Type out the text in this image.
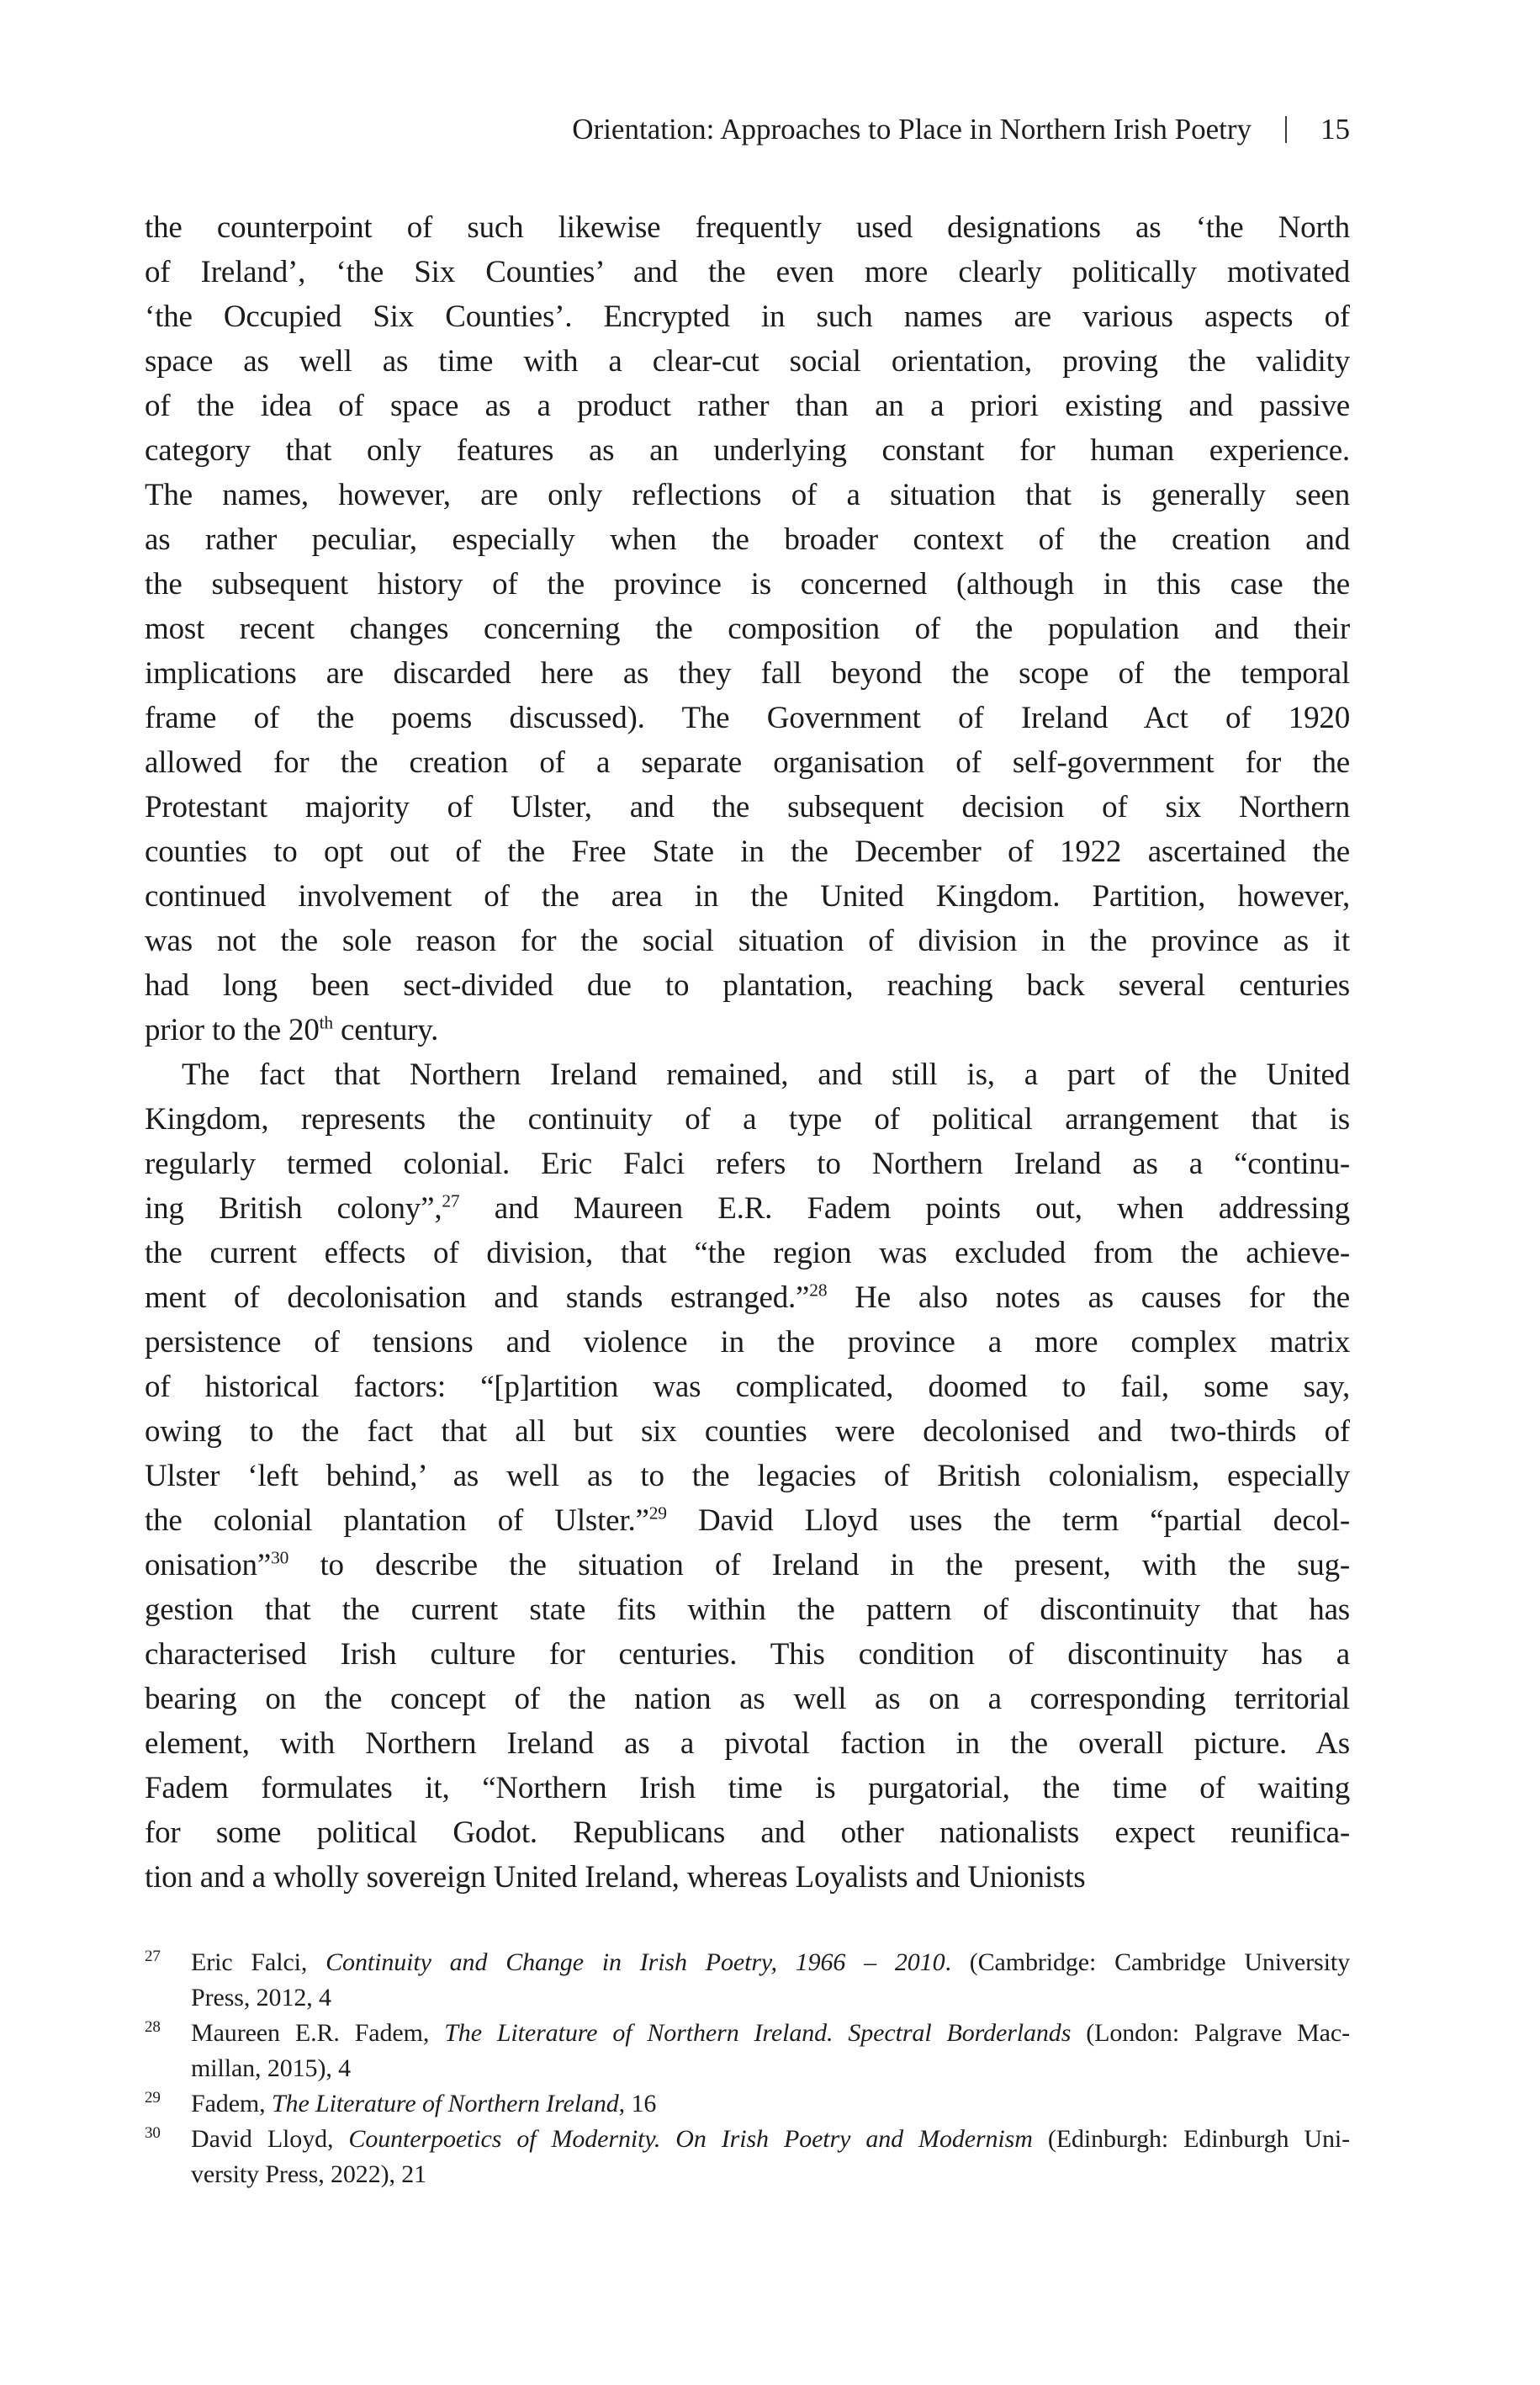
Orientation: Approaches to Place in Northern Irish Poetry 15
the counterpoint of such likewise frequently used designations as ‘the North
of Ireland’, ‘the Six Counties’ and the even more clearly politically motivated
‘the Occupied Six Counties’. Encrypted in such names are various aspects of
space as well as time with a clear-cut social orientation, proving the validity
of the idea of space as a product rather than an a priori existing and passive
category that only features as an underlying constant for human experience.
The names, however, are only reflections of a situation that is generally seen
as rather peculiar, especially when the broader context of the creation and
the subsequent history of the province is concerned (although in this case the
most recent changes concerning the composition of the population and their
implications are discarded here as they fall beyond the scope of the temporal
frame of the poems discussed). The Government of Ireland Act of 1920
allowed for the creation of a separate organisation of self-government for the
Protestant majority of Ulster, and the subsequent decision of six Northern
counties to opt out of the Free State in the December of 1922 ascertained the
continued involvement of the area in the United Kingdom. Partition, however,
was not the sole reason for the social situation of division in the province as it
had long been sect-divided due to plantation, reaching back several centuries
prior to the 20th century.
The fact that Northern Ireland remained, and still is, a part of the United
Kingdom, represents the continuity of a type of political arrangement that is
regularly termed colonial. Eric Falci refers to Northern Ireland as a “continu-
ing British colony”,$^{27}$ and Maureen E.R. Fadem points out, when addressing
the current effects of division, that “the region was excluded from the achieve-
ment of decolonisation and stands estranged.”$^{28}$ He also notes as causes for the
persistence of tensions and violence in the province a more complex matrix
of historical factors: “[p]artition was complicated, doomed to fail, some say,
owing to the fact that all but six counties were decolonised and two-thirds of
Ulster ‘left behind,’ as well as to the legacies of British colonialism, especially
the colonial plantation of Ulster.”$^{29}$ David Lloyd uses the term “partial decol-
onisation”$^{30}$ to describe the situation of Ireland in the present, with the sug-
gestion that the current state fits within the pattern of discontinuity that has
characterised Irish culture for centuries. This condition of discontinuity has a
bearing on the concept of the nation as well as on a corresponding territorial
element, with Northern Ireland as a pivotal faction in the overall picture. As
Fadem formulates it, “Northern Irish time is purgatorial, the time of waiting
for some political Godot. Republicans and other nationalists expect reunifica-
tion and a wholly sovereign United Ireland, whereas Loyalists and Unionists
27	Eric Falci, Continuity and Change in Irish Poetry, 1966 – 2010. (Cambridge: Cambridge University
Press, 2012, 4
28	Maureen E.R. Fadem, The Literature of Northern Ireland. Spectral Borderlands (London: Palgrave Mac-
millan, 2015), 4
29	Fadem, The Literature of Northern Ireland, 16
30	David Lloyd, Counterpoetics of Modernity. On Irish Poetry and Modernism (Edinburgh: Edinburgh Uni-
versity Press, 2022), 21
